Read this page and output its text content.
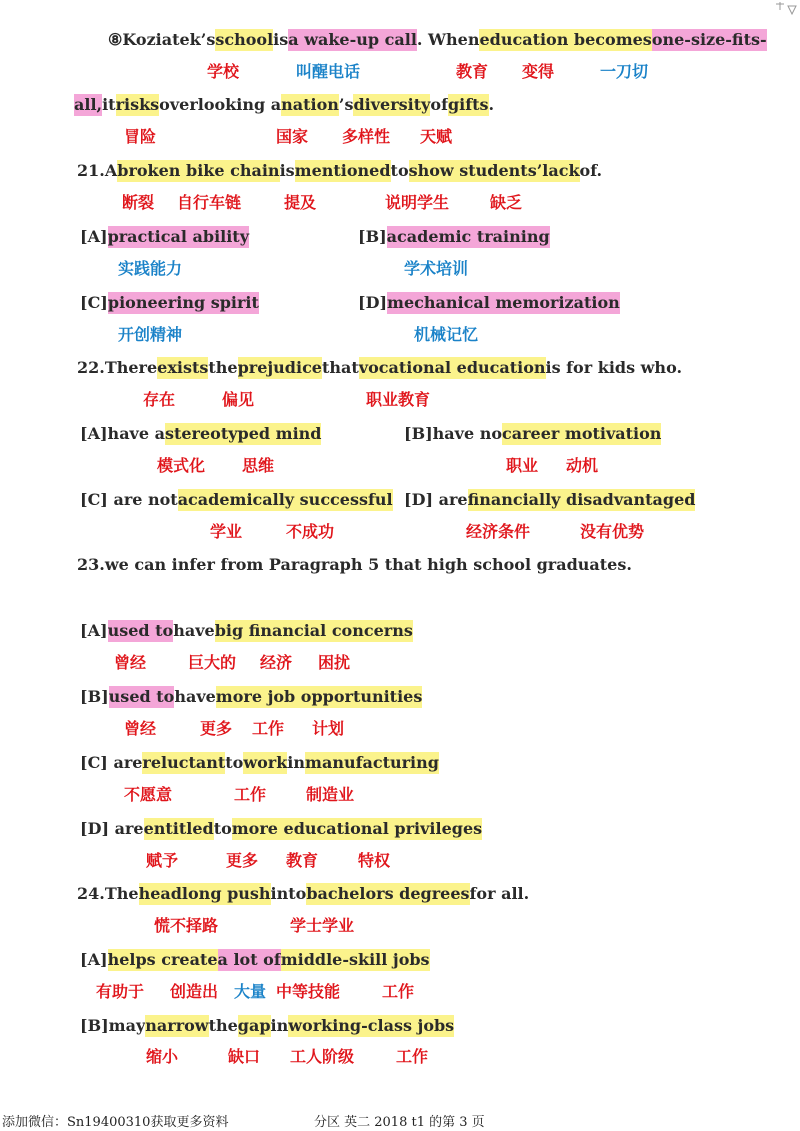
⑧Koziatek’sschoolisa wake-up call. Wheneducation becomesone-size-fits-
学校	叫醒电话	教育 变得	一刀切
all,itrisksoverlooking anation’sdiversityofgifts.
冒险	国家 多样性 天赋
21.Abroken bike chainismentionedtoshow students’lackof.
断裂 自行车链	提及	说明学生	缺乏
[A]practical ability	[B]academic training
实践能力	学术培训
[C]pioneering spirit	[D]mechanical memorization
开创精神	机械记忆
22.Thereexiststheprejudicethatvocational educationis for kids who.
存在	偏见	职业教育
[A]have astereotyped mind	[B]have nocareer motivation
模式化 思维	职业 动机
[C] are notacademically successful [D] arefinancially disadvantaged
学业	不成功	经济条件	没有优势
23.we can infer from Paragraph 5 that high school graduates.
[A]used tohavebig financial concerns
曾经	巨大的 经济 困扰
[B]used tohavemore job opportunities
曾经	更多 工作 计划
[C] arereluctanttoworkinmanufacturing
不愿意	工作 制造业
[D] areentitledtomore educational privileges
赋予	更多 教育 特权
24.Theheadlong pushintobachelors degreesfor all.
慌不择路	学士学业
[A]helps createa lot ofmiddle-skill jobs
有助于 创造出 大量 中等技能	工作
[B]maynarrowthegapinworking-class jobs
缩小	缺口 工人阶级	工作
添加微信：Sn19400310获取更多资料	分区 英二 2018 t1 的第 3 页
